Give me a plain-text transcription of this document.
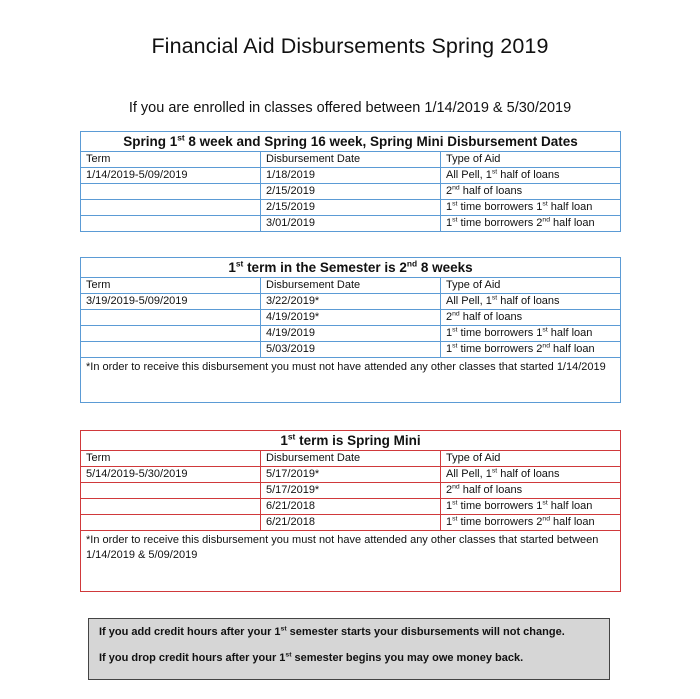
Financial Aid Disbursements Spring 2019
If you are enrolled in classes offered between 1/14/2019 & 5/30/2019
Spring 1st 8 week and Spring 16 week, Spring Mini Disbursement Dates		
Term	Disbursement Date	Type of Aid
1/14/2019-5/09/2019	1/18/2019	All Pell, 1st half of loans
	2/15/2019	2nd half of loans
	2/15/2019	1st time borrowers 1st half loan
	3/01/2019	1st time borrowers 2nd half loan
1st term in the Semester is 2nd 8 weeks		
Term	Disbursement Date	Type of Aid
3/19/2019-5/09/2019	3/22/2019*	All Pell, 1st half of loans
	4/19/2019*	2nd half of loans
	4/19/2019	1st time borrowers 1st half loan
	5/03/2019	1st time borrowers 2nd half loan
*In order to receive this disbursement you must not have attended any other classes that started 1/14/2019		
1st term is Spring Mini		
Term	Disbursement Date	Type of Aid
5/14/2019-5/30/2019	5/17/2019*	All Pell, 1st half of loans
	5/17/2019*	2nd half of loans
	6/21/2018	1st time borrowers 1st half loan
	6/21/2018	1st time borrowers 2nd half loan
*In order to receive this disbursement you must not have attended any other classes that started between 1/14/2019 & 5/09/2019		
If you add credit hours after your 1st semester starts your disbursements will not change.
If you drop credit hours after your 1st semester begins you may owe money back.
